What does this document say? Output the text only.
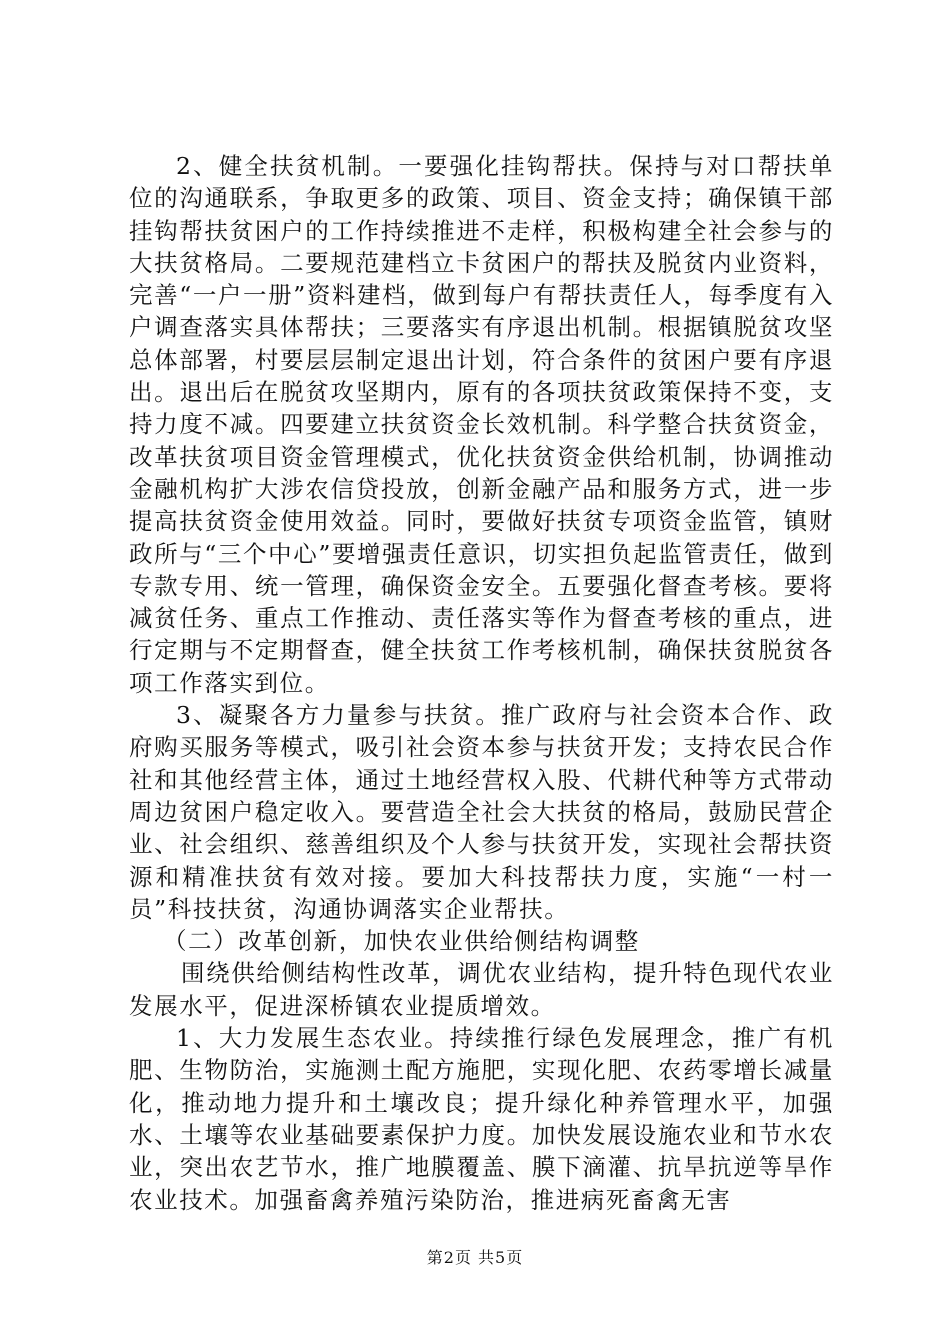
2、健全扶贫机制。一要强化挂钩帮扶。保持与对口帮扶单位的沟通联系，争取更多的政策、项目、资金支持；确保镇干部挂钩帮扶贫困户的工作持续推进不走样，积极构建全社会参与的大扶贫格局。二要规范建档立卡贫困户的帮扶及脱贫内业资料，完善“一户一册”资料建档，做到每户有帮扶责任人，每季度有入户调查落实具体帮扶；三要落实有序退出机制。根据镇脱贫攻坚总体部署，村要层层制定退出计划，符合条件的贫困户要有序退出。退出后在脱贫攻坚期内，原有的各项扶贫政策保持不变，支持力度不减。四要建立扶贫资金长效机制。科学整合扶贫资金，改革扶贫项目资金管理模式，优化扶贫资金供给机制，协调推动金融机构扩大涉农信贷投放，创新金融产品和服务方式，进一步提高扶贫资金使用效益。同时，要做好扶贫专项资金监管，镇财政所与“三个中心”要增强责任意识，切实担负起监管责任，做到专款专用、统一管理，确保资金安全。五要强化督查考核。要将减贫任务、重点工作推动、责任落实等作为督查考核的重点，进行定期与不定期督查，健全扶贫工作考核机制，确保扶贫脱贫各项工作落实到位。

3、凝聚各方力量参与扶贫。推广政府与社会资本合作、政府购买服务等模式，吸引社会资本参与扶贫开发；支持农民合作社和其他经营主体，通过土地经营权入股、代耕代种等方式带动周边贫困户稳定收入。要营造全社会大扶贫的格局，鼓励民营企业、社会组织、慈善组织及个人参与扶贫开发，实现社会帮扶资源和精准扶贫有效对接。要加大科技帮扶力度，实施“一村一员”科技扶贫，沟通协调落实企业帮扶。

（二）改革创新，加快农业供给侧结构调整

围绕供给侧结构性改革，调优农业结构，提升特色现代农业发展水平，促进深桥镇农业提质增效。

1、大力发展生态农业。持续推行绿色发展理念，推广有机肥、生物防治，实施测土配方施肥，实现化肥、农药零增长减量化，推动地力提升和土壤改良；提升绿化种养管理水平，加强水、土壤等农业基础要素保护力度。加快发展设施农业和节水农业，突出农艺节水，推广地膜覆盖、膜下滴灌、抗旱抗逆等旱作农业技术。加强畜禽养殖污染防治，推进病死畜禽无害

第2页 共5页
